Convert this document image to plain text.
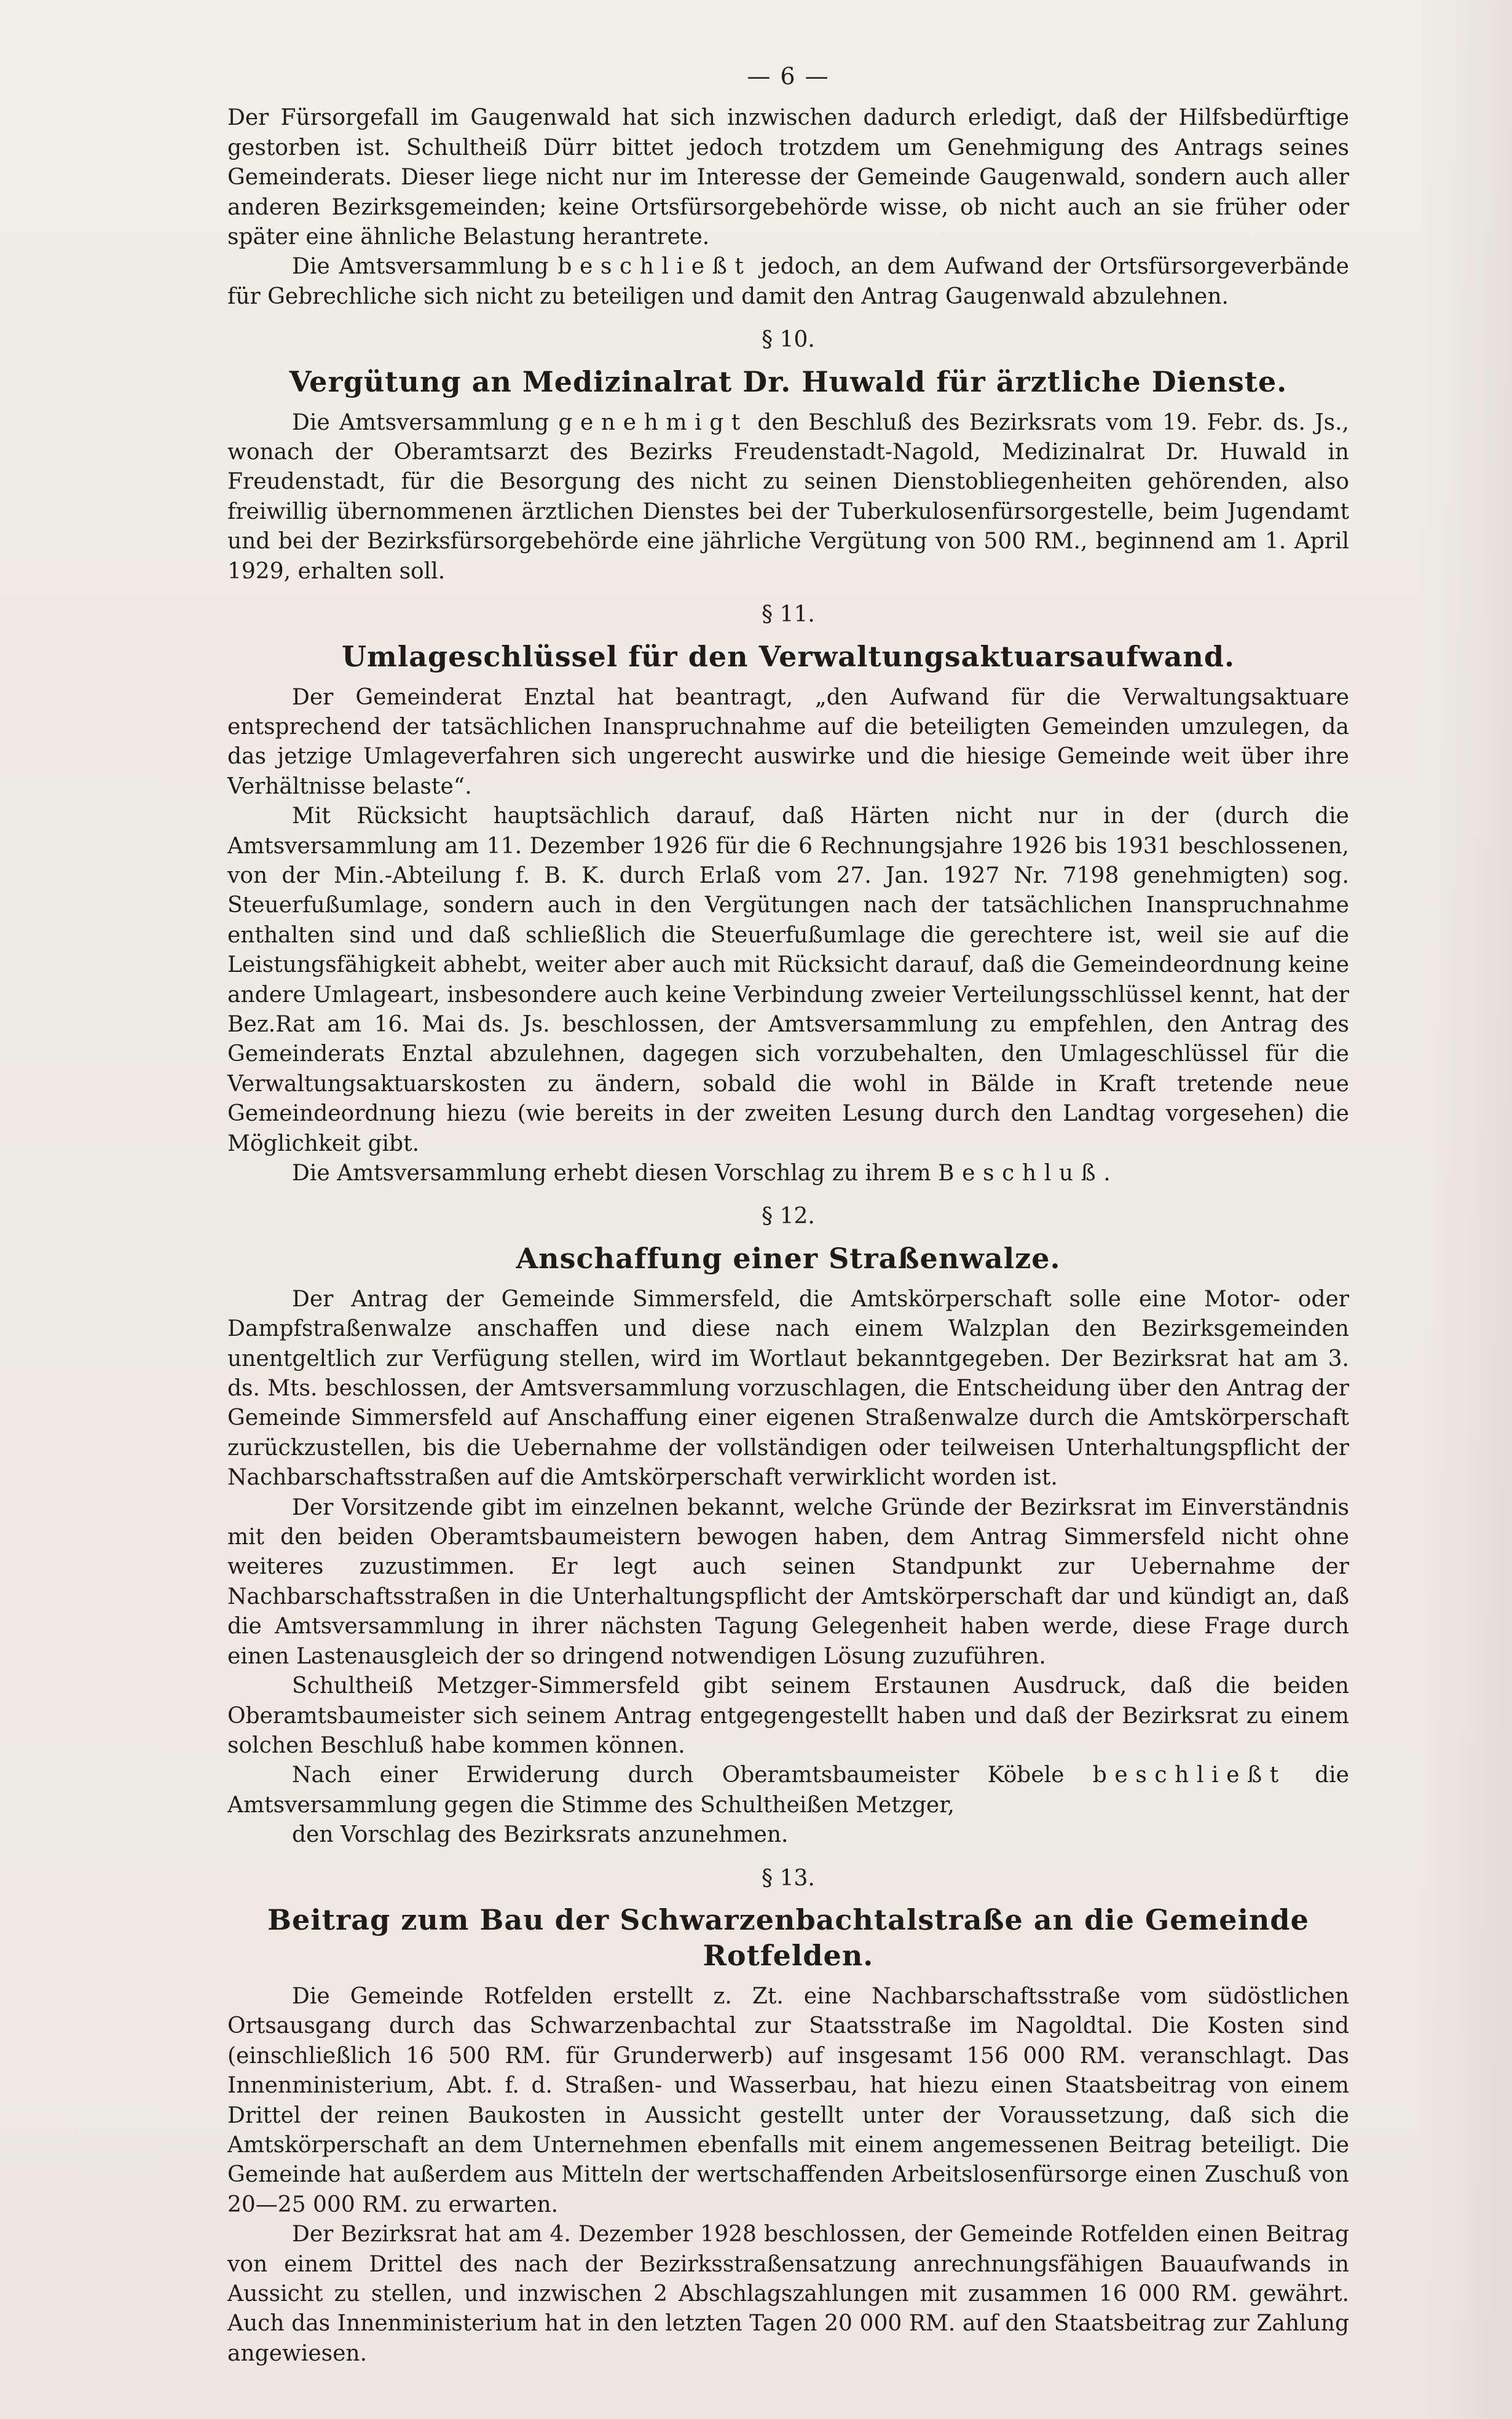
— 6 —

Der Fürsorgefall im Gaugenwald hat sich inzwischen dadurch erledigt, daß der Hilfsbedürftige gestorben ist. Schultheiß Dürr bittet jedoch trotzdem um Genehmigung des Antrags seines Gemeinderats. Dieser liege nicht nur im Interesse der Gemeinde Gaugenwald, sondern auch aller anderen Bezirksgemeinden; keine Ortsfürsorgebehörde wisse, ob nicht auch an sie früher oder später eine ähnliche Belastung herantrete.

Die Amtsversammlung beschließt jedoch, an dem Aufwand der Ortsfürsorgeverbände für Gebrechliche sich nicht zu beteiligen und damit den Antrag Gaugenwald abzulehnen.

§ 10.
Vergütung an Medizinalrat Dr. Huwald für ärztliche Dienste.

Die Amtsversammlung genehmigt den Beschluß des Bezirksrats vom 19. Febr. ds. Js., wonach der Oberamtsarzt des Bezirks Freudenstadt-Nagold, Medizinalrat Dr. Huwald in Freudenstadt, für die Besorgung des nicht zu seinen Dienstobliegenheiten gehörenden, also freiwillig übernommenen ärztlichen Dienstes bei der Tuberkulosenfürsorgestelle, beim Jugendamt und bei der Bezirksfürsorgebehörde eine jährliche Vergütung von 500 RM., beginnend am 1. April 1929, erhalten soll.

§ 11.
Umlageschlüssel für den Verwaltungsaktuarsaufwand.

Der Gemeinderat Enztal hat beantragt, „den Aufwand für die Verwaltungsaktuare entsprechend der tatsächlichen Inanspruchnahme auf die beteiligten Gemeinden umzulegen, da das jetzige Umlageverfahren sich ungerecht auswirke und die hiesige Gemeinde weit über ihre Verhältnisse belaste“.

Mit Rücksicht hauptsächlich darauf, daß Härten nicht nur in der (durch die Amtsversammlung am 11. Dezember 1926 für die 6 Rechnungsjahre 1926 bis 1931 beschlossenen, von der Min.-Abteilung f. B. K. durch Erlaß vom 27. Jan. 1927 Nr. 7198 genehmigten) sog. Steuerfußumlage, sondern auch in den Vergütungen nach der tatsächlichen Inanspruchnahme enthalten sind und daß schließlich die Steuerfußumlage die gerechtere ist, weil sie auf die Leistungsfähigkeit abhebt, weiter aber auch mit Rücksicht darauf, daß die Gemeindeordnung keine andere Umlageart, insbesondere auch keine Verbindung zweier Verteilungsschlüssel kennt, hat der Bez.Rat am 16. Mai ds. Js. beschlossen, der Amtsversammlung zu empfehlen, den Antrag des Gemeinderats Enztal abzulehnen, dagegen sich vorzubehalten, den Umlageschlüssel für die Verwaltungsaktuarskosten zu ändern, sobald die wohl in Bälde in Kraft tretende neue Gemeindeordnung hiezu (wie bereits in der zweiten Lesung durch den Landtag vorgesehen) die Möglichkeit gibt.

Die Amtsversammlung erhebt diesen Vorschlag zu ihrem Beschluß.

§ 12.
Anschaffung einer Straßenwalze.

Der Antrag der Gemeinde Simmersfeld, die Amtskörperschaft solle eine Motor- oder Dampfstraßenwalze anschaffen und diese nach einem Walzplan den Bezirksgemeinden unentgeltlich zur Verfügung stellen, wird im Wortlaut bekanntgegeben. Der Bezirksrat hat am 3. ds. Mts. beschlossen, der Amtsversammlung vorzuschlagen, die Entscheidung über den Antrag der Gemeinde Simmersfeld auf Anschaffung einer eigenen Straßenwalze durch die Amtskörperschaft zurückzustellen, bis die Uebernahme der vollständigen oder teilweisen Unterhaltungspflicht der Nachbarschaftsstraßen auf die Amtskörperschaft verwirklicht worden ist.

Der Vorsitzende gibt im einzelnen bekannt, welche Gründe der Bezirksrat im Einverständnis mit den beiden Oberamtsbaumeistern bewogen haben, dem Antrag Simmersfeld nicht ohne weiteres zuzustimmen. Er legt auch seinen Standpunkt zur Uebernahme der Nachbarschaftsstraßen in die Unterhaltungspflicht der Amtskörperschaft dar und kündigt an, daß die Amtsversammlung in ihrer nächsten Tagung Gelegenheit haben werde, diese Frage durch einen Lastenausgleich der so dringend notwendigen Lösung zuzuführen.

Schultheiß Metzger-Simmersfeld gibt seinem Erstaunen Ausdruck, daß die beiden Oberamtsbaumeister sich seinem Antrag entgegengestellt haben und daß der Bezirksrat zu einem solchen Beschluß habe kommen können.

Nach einer Erwiderung durch Oberamtsbaumeister Köbele beschließt die Amtsversammlung gegen die Stimme des Schultheißen Metzger,

den Vorschlag des Bezirksrats anzunehmen.

§ 13.
Beitrag zum Bau der Schwarzenbachtalstraße an die Gemeinde Rotfelden.

Die Gemeinde Rotfelden erstellt z. Zt. eine Nachbarschaftsstraße vom südöstlichen Ortsausgang durch das Schwarzenbachtal zur Staatsstraße im Nagoldtal. Die Kosten sind (einschließlich 16 500 RM. für Grunderwerb) auf insgesamt 156 000 RM. veranschlagt. Das Innenministerium, Abt. f. d. Straßen- und Wasserbau, hat hiezu einen Staatsbeitrag von einem Drittel der reinen Baukosten in Aussicht gestellt unter der Voraussetzung, daß sich die Amtskörperschaft an dem Unternehmen ebenfalls mit einem angemessenen Beitrag beteiligt. Die Gemeinde hat außerdem aus Mitteln der wertschaffenden Arbeitslosenfürsorge einen Zuschuß von 20—25 000 RM. zu erwarten.

Der Bezirksrat hat am 4. Dezember 1928 beschlossen, der Gemeinde Rotfelden einen Beitrag von einem Drittel des nach der Bezirksstraßensatzung anrechnungsfähigen Bauaufwands in Aussicht zu stellen, und inzwischen 2 Abschlagszahlungen mit zusammen 16 000 RM. gewährt. Auch das Innenministerium hat in den letzten Tagen 20 000 RM. auf den Staatsbeitrag zur Zahlung angewiesen.
